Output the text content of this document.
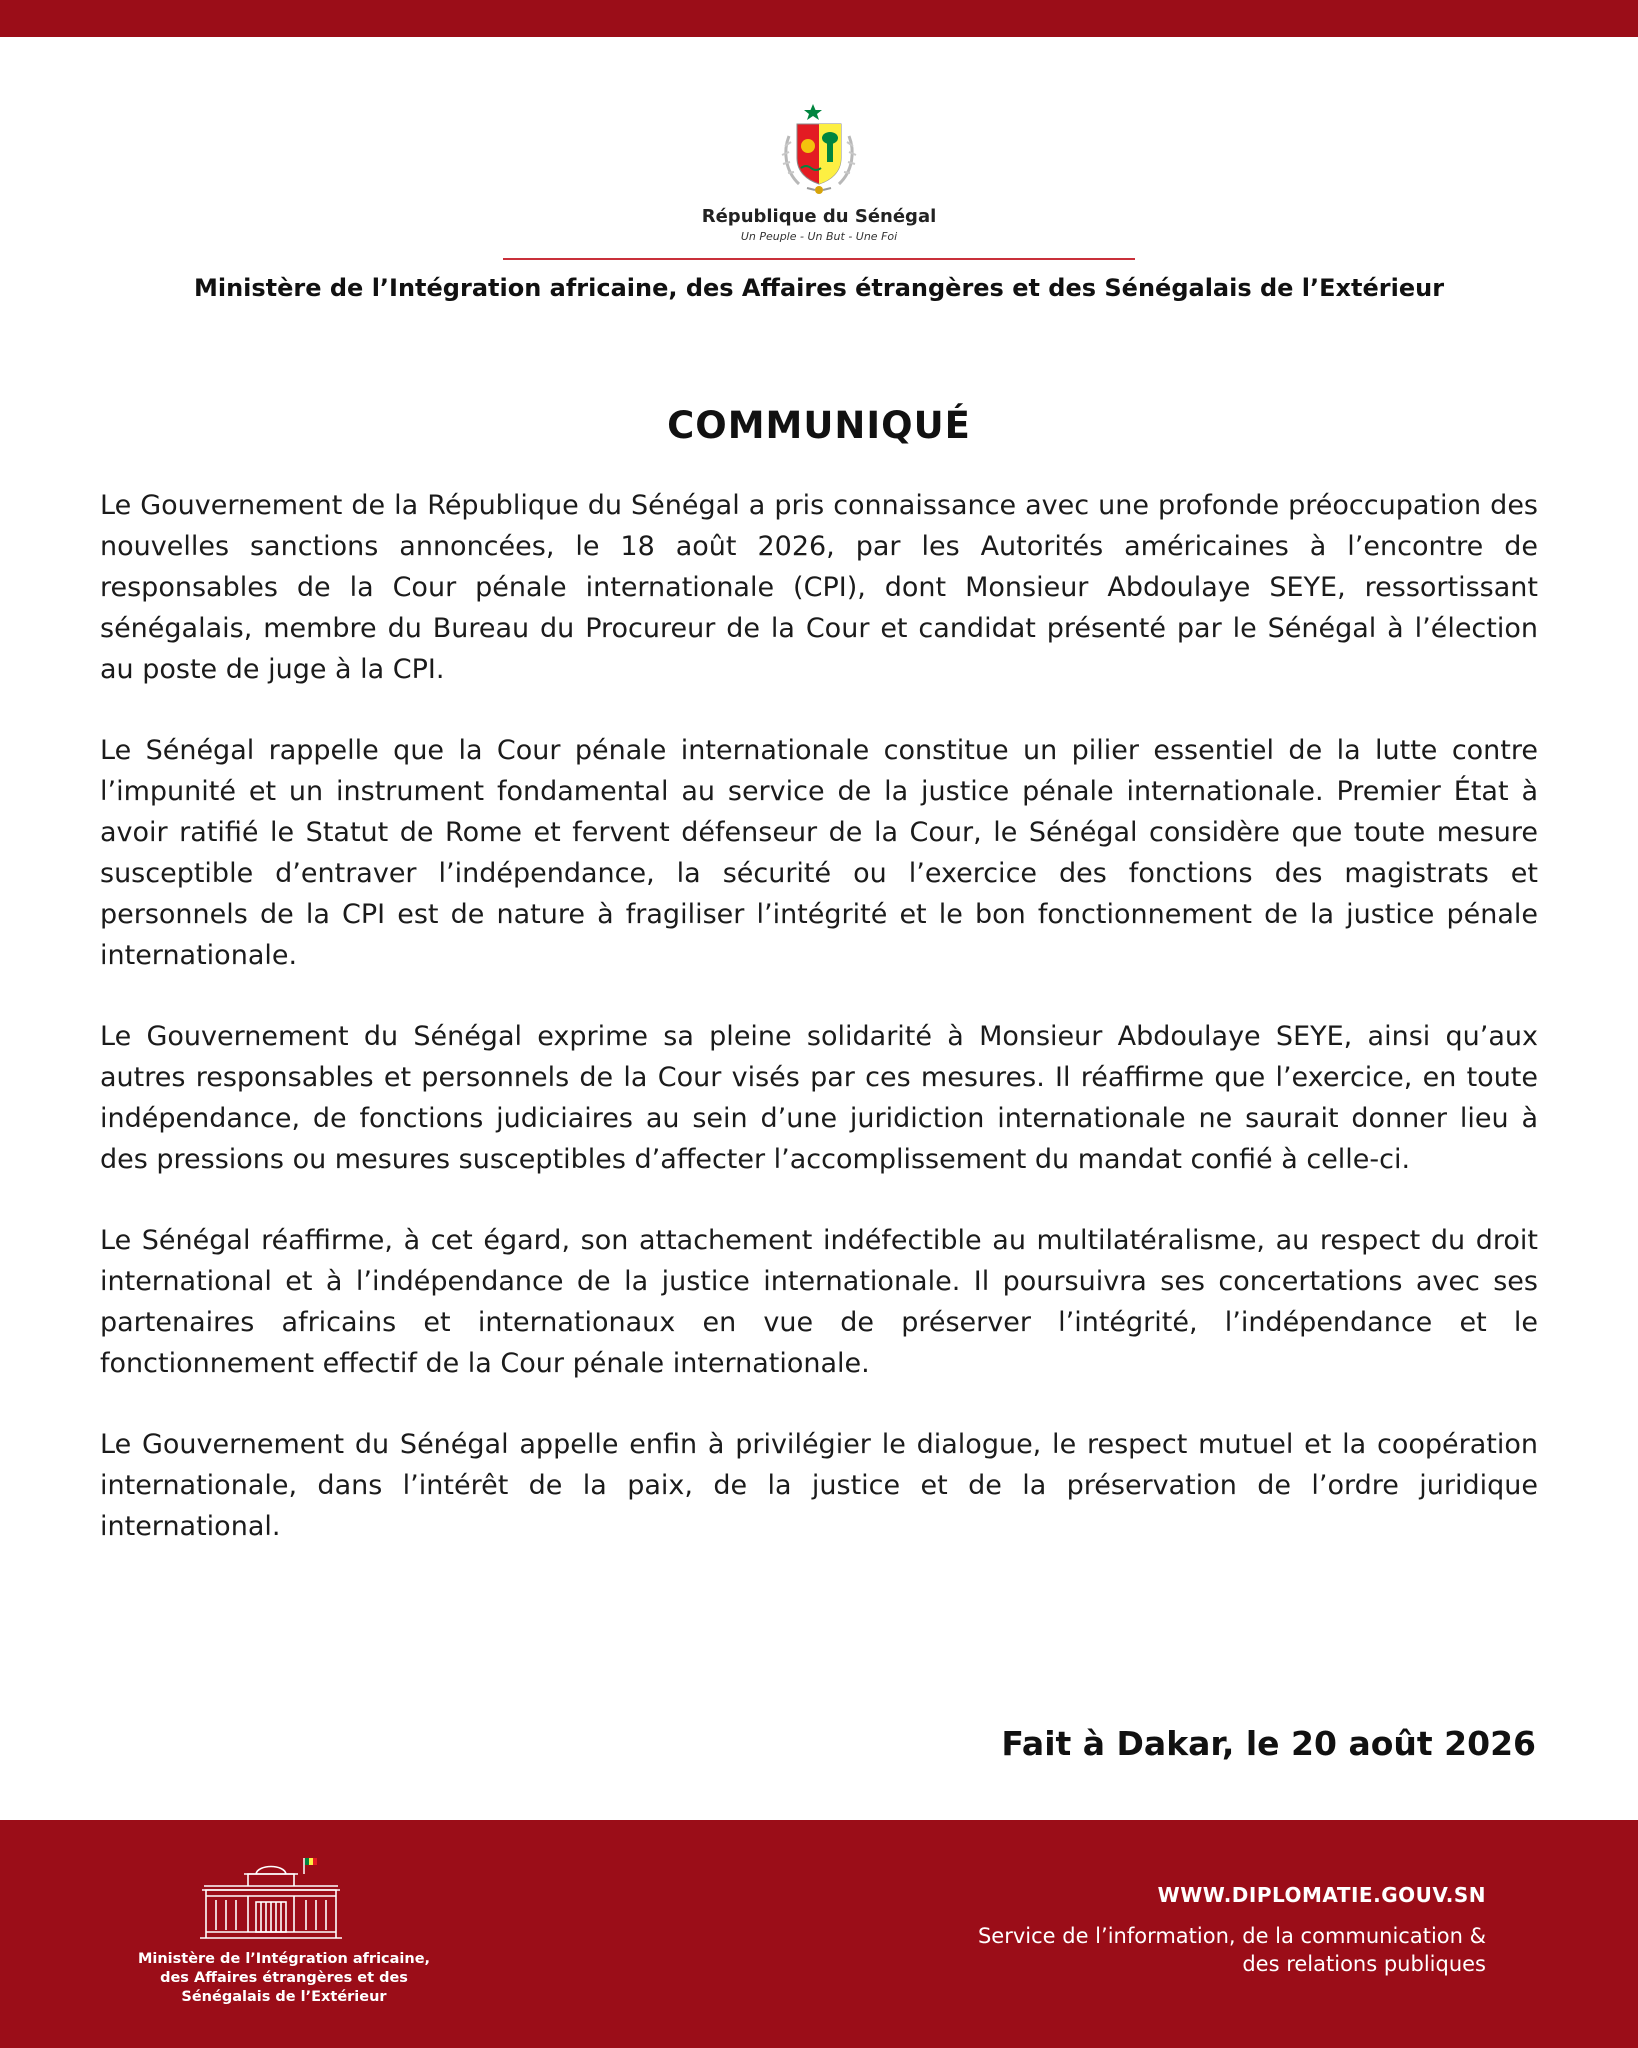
République du Sénégal
Un Peuple - Un But - Une Foi
Ministère de l’Intégration africaine, des Affaires étrangères et des Sénégalais de l’Extérieur
COMMUNIQUÉ

Le Gouvernement de la République du Sénégal a pris connaissance avec une profonde préoccupation des nouvelles sanctions annoncées, le 18 août 2026, par les Autorités américaines à l’encontre de responsables de la Cour pénale internationale (CPI), dont Monsieur Abdoulaye SEYE, ressortissant sénégalais, membre du Bureau du Procureur de la Cour et candidat présenté par le Sénégal à l’élection au poste de juge à la CPI.

Le Sénégal rappelle que la Cour pénale internationale constitue un pilier essentiel de la lutte contre l’impunité et un instrument fondamental au service de la justice pénale internationale. Premier État à avoir ratifié le Statut de Rome et fervent défenseur de la Cour, le Sénégal considère que toute mesure susceptible d’entraver l’indépendance, la sécurité ou l’exercice des fonctions des magistrats et personnels de la CPI est de nature à fragiliser l’intégrité et le bon fonctionnement de la justice pénale internationale.

Le Gouvernement du Sénégal exprime sa pleine solidarité à Monsieur Abdoulaye SEYE, ainsi qu’aux autres responsables et personnels de la Cour visés par ces mesures. Il réaffirme que l’exercice, en toute indépendance, de fonctions judiciaires au sein d’une juridiction internationale ne saurait donner lieu à des pressions ou mesures susceptibles d’affecter l’accomplissement du mandat confié à celle-ci.

Le Sénégal réaffirme, à cet égard, son attachement indéfectible au multilatéralisme, au respect du droit international et à l’indépendance de la justice internationale. Il poursuivra ses concertations avec ses partenaires africains et internationaux en vue de préserver l’intégrité, l’indépendance et le fonctionnement effectif de la Cour pénale internationale.

Le Gouvernement du Sénégal appelle enfin à privilégier le dialogue, le respect mutuel et la coopération internationale, dans l’intérêt de la paix, de la justice et de la préservation de l’ordre juridique international.

Fait à Dakar, le 20 août 2026
Ministère de l’Intégration africaine,
des Affaires étrangères et des
Sénégalais de l’Extérieur
WWW.DIPLOMATIE.GOUV.SN
Service de l’information, de la communication &
des relations publiques
